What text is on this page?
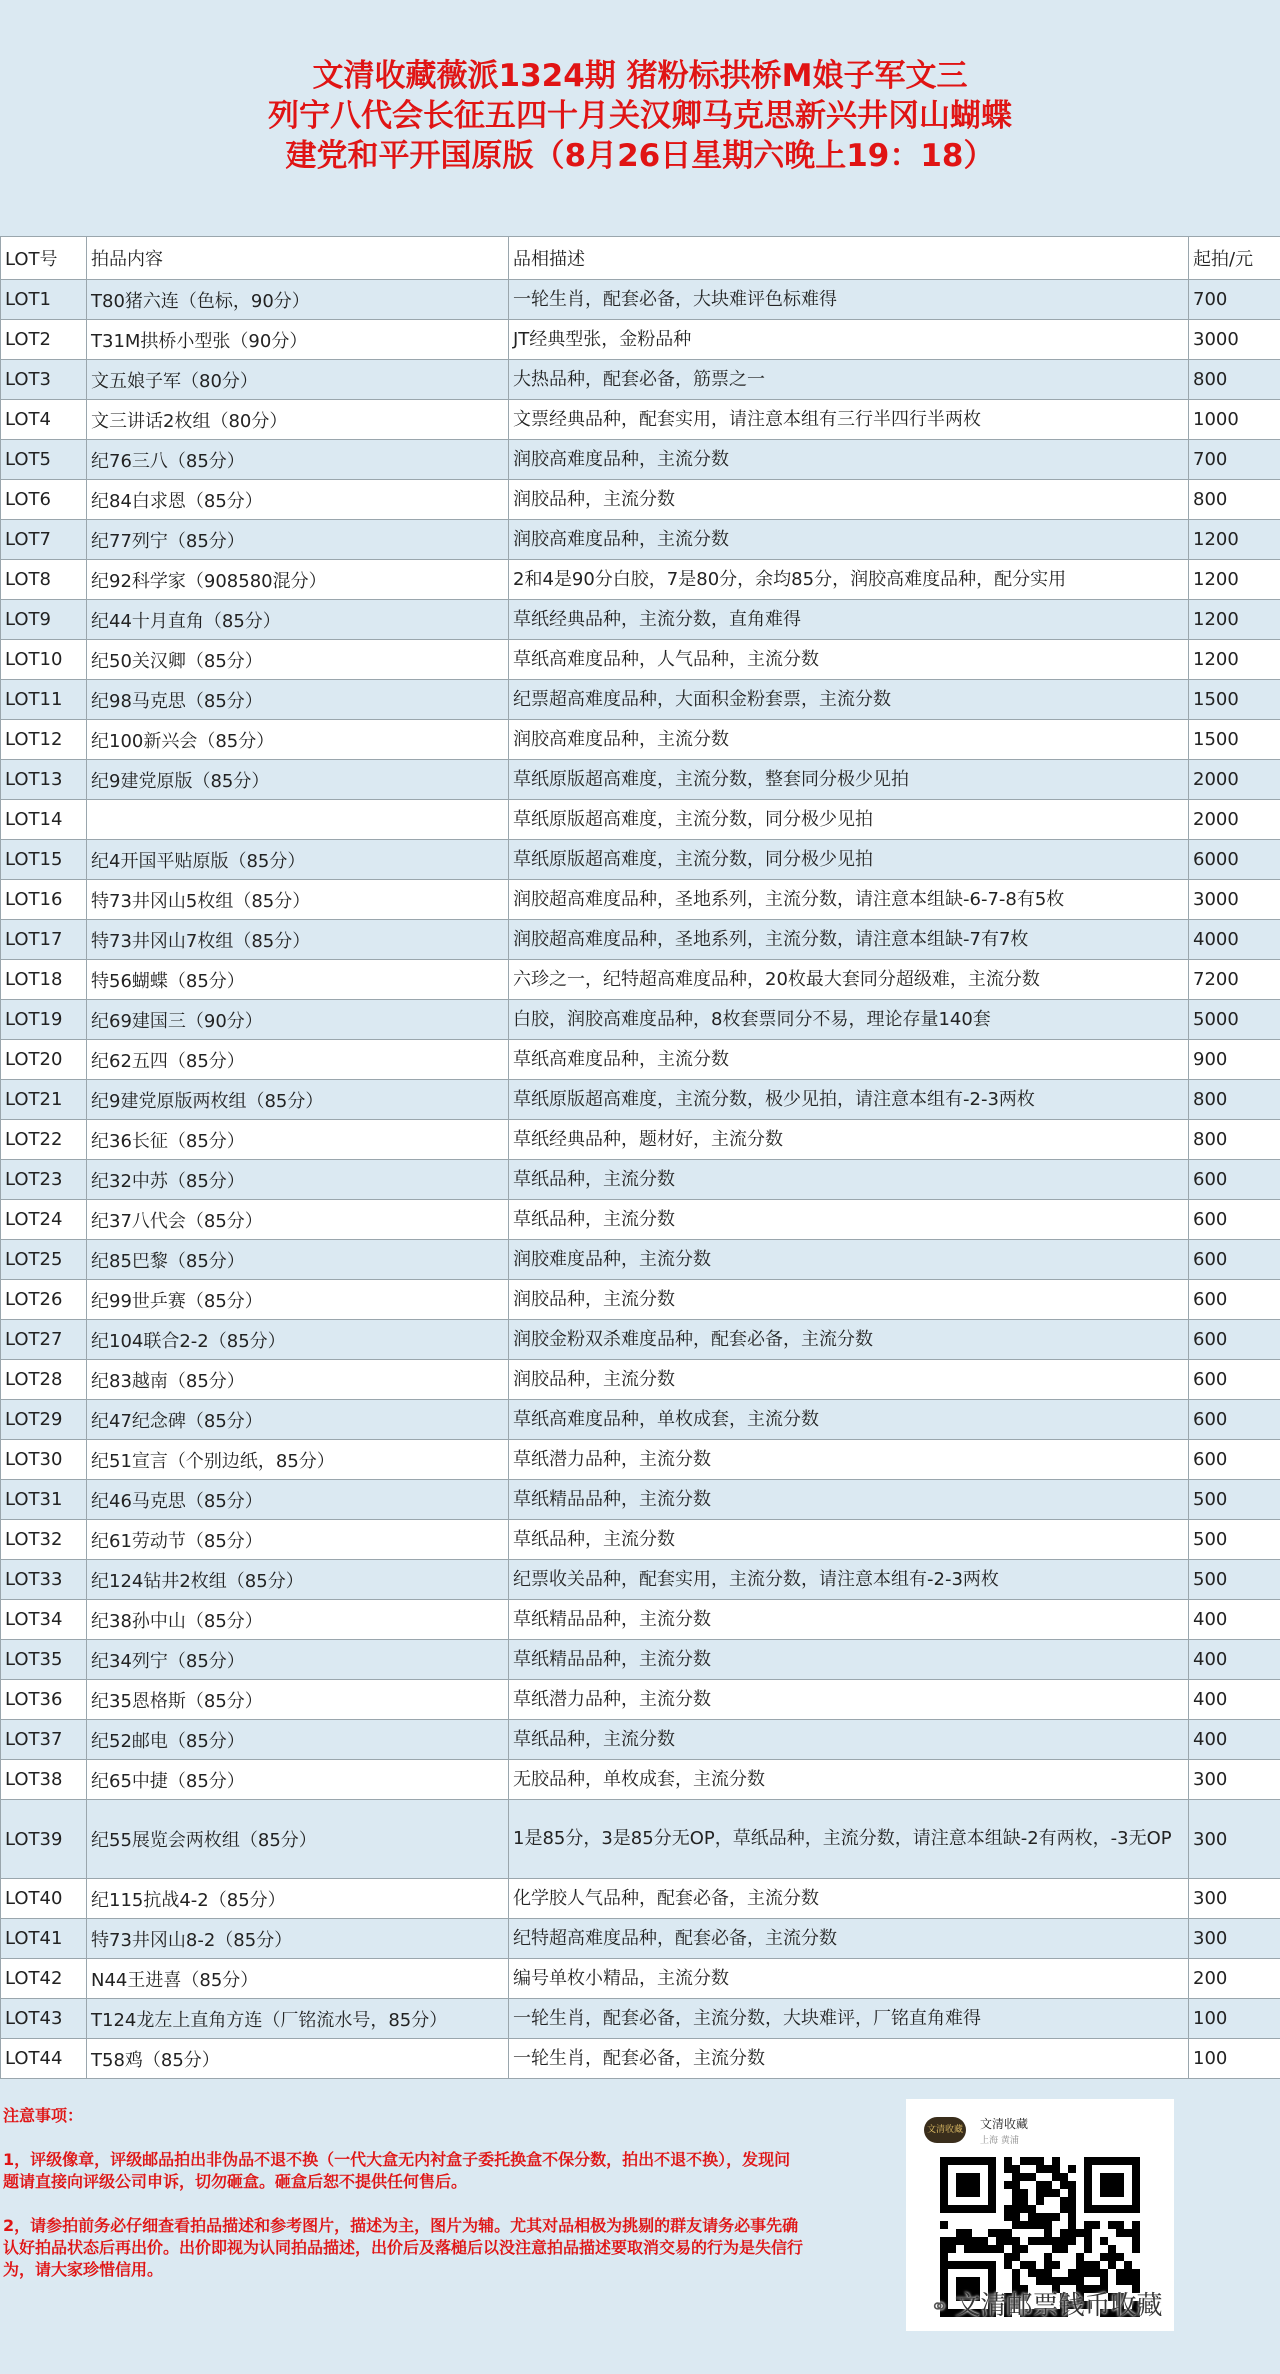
文清收藏薇派1324期 猪粉标拱桥M娘子军文三
列宁八代会长征五四十月关汉卿马克思新兴井冈山蝴蝶
建党和平开国原版（8月26日星期六晚上19：18）
LOT号	拍品内容	品相描述	起拍/元
LOT1	T80猪六连（色标，90分）	一轮生肖，配套必备，大块难评色标难得	700
LOT2	T31M拱桥小型张（90分）	JT经典型张，金粉品种	3000
LOT3	文五娘子军（80分）	大热品种，配套必备，筋票之一	800
LOT4	文三讲话2枚组（80分）	文票经典品种，配套实用，请注意本组有三行半四行半两枚	1000
LOT5	纪76三八（85分）	润胶高难度品种，主流分数	700
LOT6	纪84白求恩（85分）	润胶品种，主流分数	800
LOT7	纪77列宁（85分）	润胶高难度品种，主流分数	1200
LOT8	纪92科学家（908580混分）	2和4是90分白胶，7是80分，余均85分，润胶高难度品种，配分实用	1200
LOT9	纪44十月直角（85分）	草纸经典品种，主流分数，直角难得	1200
LOT10	纪50关汉卿（85分）	草纸高难度品种，人气品种，主流分数	1200
LOT11	纪98马克思（85分）	纪票超高难度品种，大面积金粉套票，主流分数	1500
LOT12	纪100新兴会（85分）	润胶高难度品种，主流分数	1500
LOT13	纪9建党原版（85分）	草纸原版超高难度，主流分数，整套同分极少见拍	2000
LOT14		草纸原版超高难度，主流分数，同分极少见拍	2000
LOT15	纪4开国平贴原版（85分）	草纸原版超高难度，主流分数，同分极少见拍	6000
LOT16	特73井冈山5枚组（85分）	润胶超高难度品种，圣地系列，主流分数，请注意本组缺-6-7-8有5枚	3000
LOT17	特73井冈山7枚组（85分）	润胶超高难度品种，圣地系列，主流分数，请注意本组缺-7有7枚	4000
LOT18	特56蝴蝶（85分）	六珍之一，纪特超高难度品种，20枚最大套同分超级难，主流分数	7200
LOT19	纪69建国三（90分）	白胶，润胶高难度品种，8枚套票同分不易，理论存量140套	5000
LOT20	纪62五四（85分）	草纸高难度品种，主流分数	900
LOT21	纪9建党原版两枚组（85分）	草纸原版超高难度，主流分数，极少见拍，请注意本组有-2-3两枚	800
LOT22	纪36长征（85分）	草纸经典品种，题材好，主流分数	800
LOT23	纪32中苏（85分）	草纸品种，主流分数	600
LOT24	纪37八代会（85分）	草纸品种，主流分数	600
LOT25	纪85巴黎（85分）	润胶难度品种，主流分数	600
LOT26	纪99世乒赛（85分）	润胶品种，主流分数	600
LOT27	纪104联合2-2（85分）	润胶金粉双杀难度品种，配套必备，主流分数	600
LOT28	纪83越南（85分）	润胶品种，主流分数	600
LOT29	纪47纪念碑（85分）	草纸高难度品种，单枚成套，主流分数	600
LOT30	纪51宣言（个别边纸，85分）	草纸潜力品种，主流分数	600
LOT31	纪46马克思（85分）	草纸精品品种，主流分数	500
LOT32	纪61劳动节（85分）	草纸品种，主流分数	500
LOT33	纪124钻井2枚组（85分）	纪票收关品种，配套实用，主流分数，请注意本组有-2-3两枚	500
LOT34	纪38孙中山（85分）	草纸精品品种，主流分数	400
LOT35	纪34列宁（85分）	草纸精品品种，主流分数	400
LOT36	纪35恩格斯（85分）	草纸潜力品种，主流分数	400
LOT37	纪52邮电（85分）	草纸品种，主流分数	400
LOT38	纪65中捷（85分）	无胶品种，单枚成套，主流分数	300
LOT39	纪55展览会两枚组（85分）	1是85分，3是85分无OP，草纸品种，主流分数，请注意本组缺-2有两枚，-3无OP	300
LOT40	纪115抗战4-2（85分）	化学胶人气品种，配套必备，主流分数	300
LOT41	特73井冈山8-2（85分）	纪特超高难度品种，配套必备，主流分数	300
LOT42	N44王进喜（85分）	编号单枚小精品，主流分数	200
LOT43	T124龙左上直角方连（厂铭流水号，85分）	一轮生肖，配套必备，主流分数，大块难评，厂铭直角难得	100
LOT44	T58鸡（85分）	一轮生肖，配套必备，主流分数	100

注意事项：

1，评级像章，评级邮品拍出非伪品不退不换（一代大盒无内衬盒子委托换盒不保分数，拍出不退不换），发现问题请直接向评级公司申诉，切勿砸盒。砸盒后恕不提供任何售后。

2，请参拍前务必仔细查看拍品描述和参考图片，描述为主，图片为辅。尤其对品相极为挑剔的群友请务必事先确认好拍品状态后再出价。出价即视为认同拍品描述，出价后及落槌后以没注意拍品描述要取消交易的行为是失信行为，请大家珍惜信用。

文清收藏 文清收藏
上海 黄浦
⚭ 文清邮票钱币收藏
